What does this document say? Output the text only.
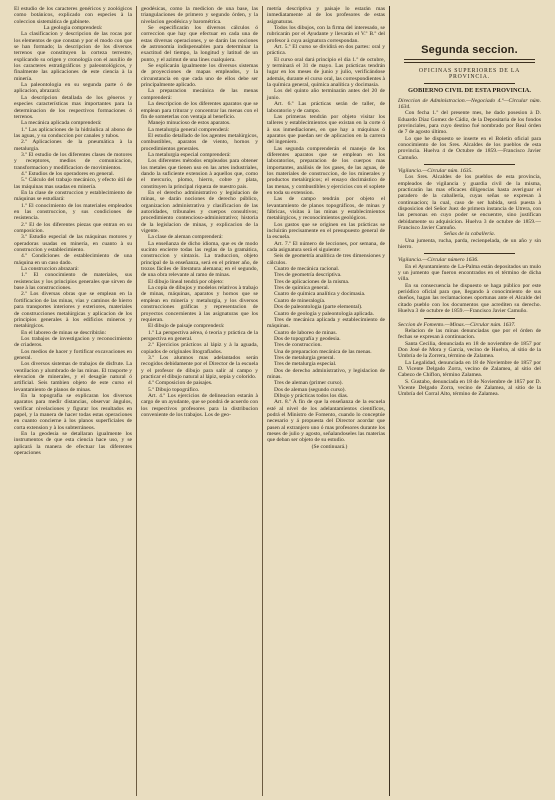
El estudio de los caracteres genéricos y zoológicos como botánicos, explicado con especies à la coleccion sistemática de gabinete.

La geologia comprenderá:

La clasificacion y descripcion de las rocas por los elementos de que constan y por el modo con que se han formado; la descripcion de los diversos terrenos que constituyen la corteza terrestre, explicando su origen y cronología con el auxilio de los caracteres estratigráficos y paleontológicos, y finalmente las aplicaciones de este ciencia à la minería.

La paleontologia en su segunda parte ó de aplicacion, abrazará:

La descripcion detallada de los géneros y especies características mas importantes para la determinacion de los respectivos formaciones ó terrenos.

La mecánica aplicada comprenderá:

1.º Las aplicaciones de la hidráulica al abono de las aguas, y su conduccion por canales y tubos.

2.º Aplicaciones de la pneumática à la metalurgia.

3.º El estudio de los diferentes clases de motores y receptores, medios de comunicacion, transformacion y modificacion de movimientos.

4.º Estudios de los operadores en general.

5.º Cálculo del trabajo mecánico, y efecto útil de las máquinas mas usadas en minería.

En la clase de construccion y establecimiento de máquinas se estudiará:

1.º El conocimiento de los materiales empleados en las construccion, y sus condiciones de resistencia.

2.º El de los diferentes piezas que entran en su composicion.

3.º Estudio especial de las máquinas motores y operadoras usadas en minería, en cuanto à su construccion y establecimiento.

4.º Condiciones de establecimiento de una máquina en un caso dado.

La construccion abrazará:

1.º El conocimiento de materiales, sus resistencias y los principios generales que sirven de base à las construcciones.

2.º Los diversas obras que se emplean en la fortificacion de las minas, vias y caminos de hierro para transportes interiores y exteriores, materiales de construcciones metalúrgicas y aplicacion de los principios generales à los edificios mineros y metalúrgicos.

En el laboreo de minas se describirán:

Los trabajos de investigacion y reconocimiento de criaderos.

Los medios de hacer y fortificar excavaciones en general.

Los diversos sistemas de trabajos de disfrute. La ventilacion y alumbrado de las minas. El trasporte y elevacion de minerales, y el desagüe natural ó artificial. Seis tambien objeto de este curso el levantamiento de planos de minas.

En la topografia se explicaran los diversos aparatos para medir distancias, observar ángulos, verificar nivelaciones y figurar los resultados en papel, y la manera de hacer todas estas operaciones en cuanto concierne à los planos superficiales de corta extension y à los subterráneos.

En la geodesia se detallaran igualmente los instrumentos de que esta ciencia hace uso, y se aplicará la manera de efectuar las diferentes operaciones

geodésicas, como la medicion de una base, las triangulaciones de primero y segundo órden, y la nivelacion geodésica y barométrica.

Se especificarán los diversos cálculos ó correccion que hay que efectuar en cada una de estas diversas operaciones, y se darán las nociones de astronomía indispensables para determinar la exactitud del tiempo, la longitud y latitud de un punto, y el azimut de una lines cualquiera.

Se explicarán igualmente los diversos sistemas de proyecciones de mapas empleados, y la circunstancia en que cada uno de ellos debe ser principalmente aplicado.

La preparacion mecánica de las menas comprenderá:

La descripcion de los diferentes aparatos que se emplean para triturar y concentrar las menas con el fin de someterlas con ventaja al beneficio.

Manejo minucioso de estos aparatos.

La metalurgia general comprenderá:

El estudio detallado de los agentes metalúrgicos, combustibles, aparatos de viento, hornos y procedimientos generales.

La metalurgia especial comprenderá:

Los diferentes métodos empleados para obtener los metales que tienen uso en las artes industriales, dando la suficiente extension à aquellos que, como el mercurio, plomo, hierro, cobre y plata, constituyen la principal riqueza de nuestro pais.

En el derecho administrativo y legislacion de minas, se darán nociones de derecho público, organizacion administrativa y clasificacion de las autoridades, tribunales y cuerpos consultivos; procedimiento contencioso-administrativo; historia de la legislacion de minas, y explicacion de la vigente.

La clase de aleman comprenderá:

La enseñanza de dicho idioma, que es de modo sucinto encierre todas las reglas de la gramática, construccion y sintaxis. La traduccion, objeto principal de la enseñanza, será en el primer año, de trozos fáciles de literatura alemana; en el segundo, de una obra relevante al ramo de minas.

El dibujo lineal tendrá por objeto:

La copia de dibujos y modelos relativos à trabajo de minas, máquinas, aparatos y hornos que se emplean en minería y metalurgia, y los diversos construcciones gráficas y representacion de proyectos concernientes à las asignaturas que los requieran.

El dibujo de paisaje comprenderá:

1.º La perspectiva aérea, ó teoria y práctica de la perspectiva en general.

2.º Ejercicios prácticos al lápiz y à la aguada, copiados de originales litografiados.

3.º Los alumnos mas adelantados serán recogidos debidamente por el Director de la escuela y el profesor de dibujo para salir al campo y practicar el dibujo natural al lápiz, sepia y colorido.

4.º Composicion de paisajes.

5.º Dibujo topográfico.

Art. 4.º Los ejercicios de delineacion estarán à cargo de un ayudante, que se pondrá de acuerdo con los respectivos profesores para la distribucion conveniente de los trabajos. Los de geo-

metría descriptiva y paisaje lo estarán mas inmediatamente al de los profesores de estas asignaturas.

Todos los dibujos, con la firma del interesado, se rubricarán por el Ayudante y llevarán el V.º B.º del profesor à cuya asignatura correspondan.

Art. 5.º El curso se dividirá en dos partes: oral y práctica.

El curso oral dará principio el dia 1.º de octubre, y terminará el 31 de mayo. Las prácticas tendrán lugar en los meses de junio y julio, verificándose además, durante el curso oral, las correspondientes à la química general, química analítica y docimasia.

Los del quinto año terminarán antes del 20 de junio.

Art. 6.º Las prácticas serán de taller, de laboratorio y de campo.

Las primeras tendrán por objeto visitar los talleres y establecimientos que existan en la corte ó à sus inmediaciones, en que hay a máquinas ó aparatos que puedan ser de aplicacion en la carrera del ingeniero.

Las segunda comprenderán el manejo de los diferentes aparatos que se emplean en los laboratorios, preparacion de los cuerpos mas importantes, análisis de los gases, de las aguas, de los materiales de construccion, de los minerales y productos metalúrgicos; el ensayo docimástico de las menas, y combustibles y ejercicios con el soplete en toda su extension.

Las de campo tendrán por objeto el levantamiento de planos topográficos, de minas y fábricas, visitas à las minas y establecimientos metalúrgicos, y reconocimientos geológicos.

Los gastos que se originen en las prácticas se incluirán precisamente en el presupuesto general de la escuela.

Art. 7.º El número de lecciones, por semana, de cada asignatura será el siguiente:

Seis de geometría analítica de tres dimensiones y cálculos.

Cuatro de mecánica racional.

Tres de geometría descriptiva.

Tres de aplicaciones de la misma.

Tres de química general.

Cuatro de química analítica y docimasia.

Cuatro de mineralogía.

Dos de paleontologia (parte elemental).

Cuatro de geología y paleontología aplicada.

Tres de mecánica aplicada y establecimiento de máquinas.

Cuatro de laboreo de minas.

Dos de topografía y geodesia.

Tres de construccion.

Una de preparacion mecánica de las menas.

Tres de metalurgia general.

Tres de metalurgia especial.

Dos de derecho administrativo, y legislacion de minas.

Tres de aleman (primer curso).

Dos de aleman (segundo curso).

Dibujo y prácticas todos los dias.

Art. 8.º À fin de que la enseñanza de la escuela esté al nivel de los adelantamientos científicos, podrá el Ministro de Fomento, cuando lo conceptúe necesario y á propuesta del Director acordar que pasen al extranjero uno ó mas profesores durante los meses de julio y agosto, señalandoseles las materias que deban ser objeto de su estudio.

(Se continuará.)

Segunda seccion.
OFICINAS SUPERIORES DE LA PROVINCIA.
GOBIERNO CIVIL DE ESTA PROVINCIA.

Direccion de Administracion.—Negociado 4.º—Circular núm. 1634.

Con fecha 1.º del presente mes, he dado posesion à D. Eduardo Díaz Gomez de Cádiz, de la Depositaria de los fondos provinciales, para cuyo destino fué nombrado por Real órden de 7 de agosto último.

Lo que he dispuesto se inserte en el Boletín oficial para conocimiento de los Sres. Alcaldes de los pueblos de esta provincia. Huelva 4 de Octubre de 1859.—Francisco Javier Camuño.

Vigilancia.—Circular núm. 1635.

Los Sres. Alcaldes de los pueblos de esta provincia, empleados de vigilancia y guardia civil de la misma, practicarán las mas eficaces diligencias hasta averiguar el paradero de la caballería, cuyas señas se expresan à continuacion; la cual, caso de ser habida, será puesta à disposicion del Señor Juez de primera instancia de Utrera, con las personas en cuyo poder se encuentre, sino justifican debidamente su adquisicion. Huelva 3 de octubre de 1859.—Francisco Javier Camuño.

Señas de la caballería.

Una jumenta, rucha, parda, recienpelada, de un año y sin hierro.

Vigilancia.—Circular número 1636.

En el Ayuntamiento de La-Palma están depositados un mulo y un jumento que fueron encontrados en el término de dicha villa.

En su consecuencia he dispuesto se haga público por este periódico oficial para que, llegando à conocimiento de sus dueños, hagan las reclamaciones oportunas ante el Alcalde del citado pueblo con los documentos que acrediten su derecho. Huelva 3 de octubre de 1859.—Francisco Javier Camuño.

Seccion de Fomento.—Minas.—Circular núm. 1637.

Relacion de las minas denunciadas que por el órden de fechas se expresan à continuacion.

Santa Cecilia, denunciada en 18 de noviembre de 1857 por Don José de Mora y García, vecino de Huelva, al sitio de la Umbría de la Zorrera, término de Zalamea.

La Legalidad, denunciada en 18 de Noviembre de 1857 por D. Vicente Delgado Zorra, vecino de Zalamea, al sitio del Cabezo de Chiflon, término Zalamea.

S. Gustabo, denunciada en 18 de Noviembre de 1857 por D. Vicente Delgado Zorra, vecino de Zalamea, al sitio de la Umbría del Corral Alto, término de Zalamea.
